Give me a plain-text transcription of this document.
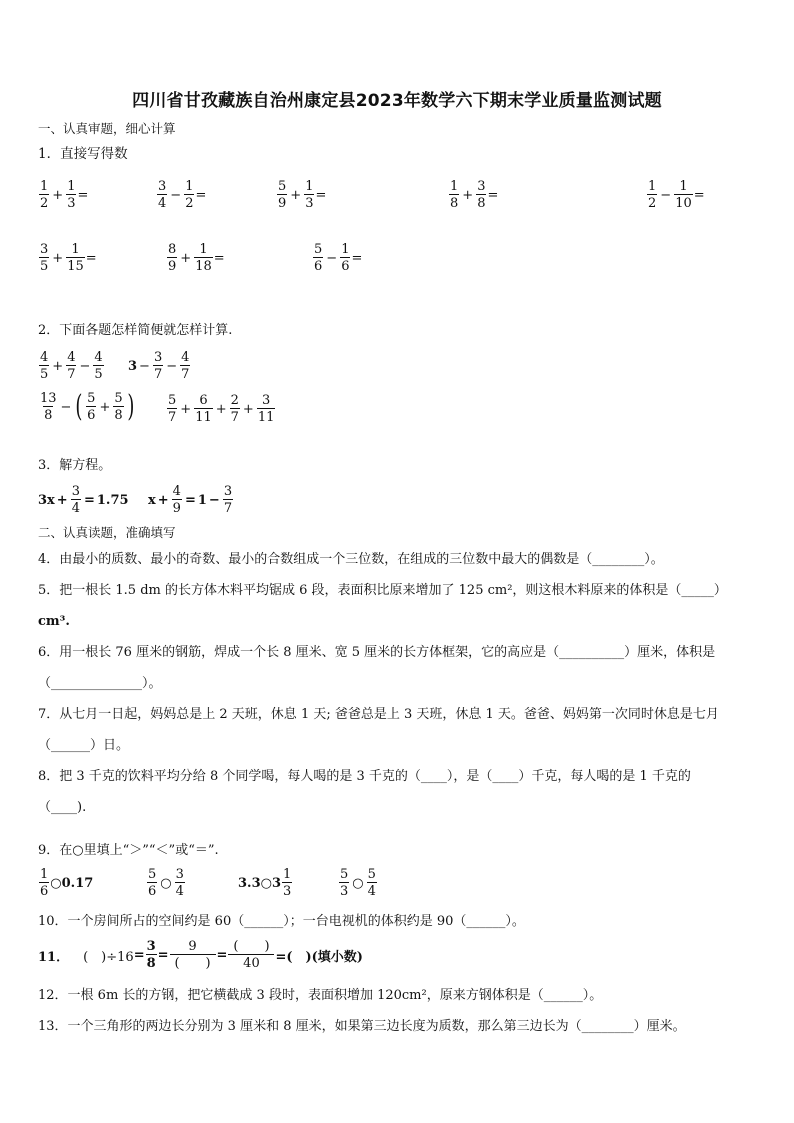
四川省甘孜藏族自治州康定县2023年数学六下期末学业质量监测试题
一、认真审题，细心计算
1．直接写得数
$\frac{1}{2} + \frac{1}{3}$ =	$\frac{3}{4} - \frac{1}{2}$ =	$\frac{5}{9} + \frac{1}{3}$ =	$\frac{1}{8} + \frac{3}{8}$ =	$\frac{1}{2} - \frac{1}{10}$ =
$\frac{3}{5} + \frac{1}{15}$ =	$\frac{8}{9} + \frac{1}{18}$ =	$\frac{5}{6} - \frac{1}{6}$ =
2．下面各题怎样简便就怎样计算.
$\frac{4}{5} + \frac{4}{7} - \frac{4}{5} 3 - \frac{3}{7} - \frac{4}{7}$
$\frac{13}{8}$ − ( $\frac{5}{6} + \frac{5}{8}$ )	$\frac{5}{7} + \frac{6}{11} + \frac{2}{7} + \frac{3}{11}$
3．解方程。
$3x + \frac{3}{4} = 1.75$ $x + \frac{4}{9} = 1 - \frac{3}{7}$
二、认真读题，准确填写
4．由最小的质数、最小的奇数、最小的合数组成一个三位数，在组成的三位数中最大的偶数是（________）。
5．把一根长 1.5 dm 的长方体木料平均锯成 6 段，表面积比原来增加了 125 cm²，则这根木料原来的体积是（_____）
cm³.
6．用一根长 76 厘米的钢筋，焊成一个长 8 厘米、宽 5 厘米的长方体框架，它的高应是（__________）厘米，体积是
（______________）。
7．从七月一日起，妈妈总是上 2 天班，休息 1 天; 爸爸总是上 3 天班，休息 1 天。爸爸、妈妈第一次同时休息是七月
（______）日。
8．把 3 千克的饮料平均分给 8 个同学喝，每人喝的是 3 千克的（____），是（____）千克，每人喝的是 1 千克的
（____).
9．在○里填上“＞”“＜”或“＝”.
$\frac{1}{6}$ ○ 0.17	$\frac{5}{6}$ ○ $\frac{3}{4}$	3.3 ○ $3 \frac{1}{3}$	$\frac{5}{3}$ ○ $\frac{5}{4}$
10．一个房间所占的空间约是 60（______）；一台电视机的体积约是 90（______）。
11． (　)$\div 16 = \frac{3}{8} = \frac{9}{( )} = \frac{( )}{40}$ =(　)(填小数)
12．一根 6m 长的方钢，把它横截成 3 段时，表面积增加 120cm²，原来方钢体积是（______）。
13．一个三角形的两边长分别为 3 厘米和 8 厘米，如果第三边长度为质数，那么第三边长为（________）厘米。
